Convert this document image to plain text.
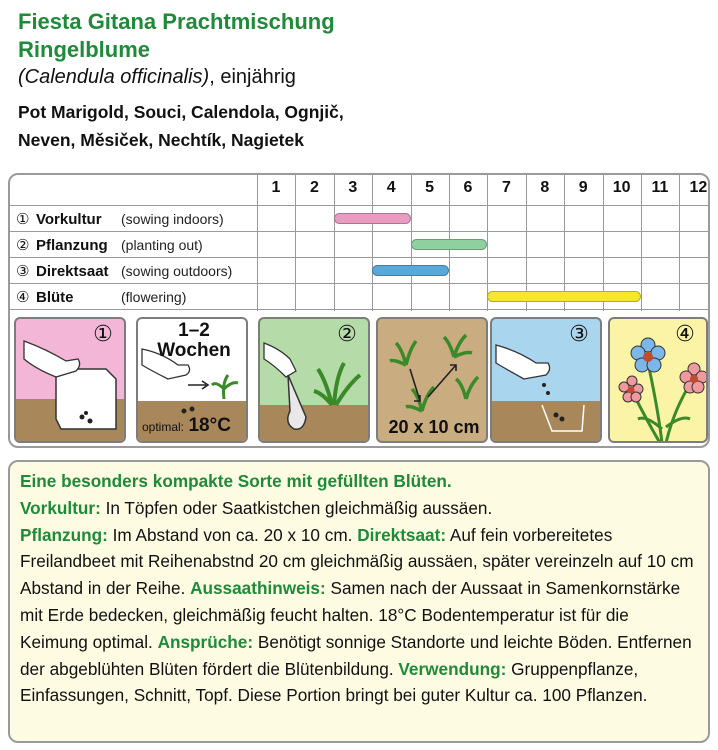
Fiesta Gitana Prachtmischung
Ringelblume
(Calendula officinalis), einjährig
Pot Marigold, Souci, Calendola, Ognjič,
Neven, Měsiček, Nechtík, Nagietek
1	2	3	4	5	6	7	8	9	10	11	12
① Vorkultur	(sowing indoors)
② Pflanzung (planting out)
③ Direktsaat (sowing outdoors)
④ Blüte	(flowering)
①	1–2
Wochen
optimal: 18°C
②
20 x 10 cm
③	④

Eine besonders kompakte Sorte mit gefüllten Blüten.

Vorkultur: In Töpfen oder Saatkistchen gleichmäßig aussäen.
Pflanzung: Im Abstand von ca. 20 x 10 cm. Direktsaat: Auf fein vorbereitetes Freilandbeet mit Reihenabstnd 20 cm gleichmäßig aussäen, später vereinzeln auf 10 cm Abstand in der Reihe. Aussaathinweis: Samen nach der Aussaat in Samenkornstärke mit Erde bedecken, gleichmäßig feucht halten. 18°C Bodentemperatur ist für die Keimung optimal. Ansprüche: Benötigt sonnige Standorte und leichte Böden. Entfernen der abgeblühten Blüten fördert die Blütenbildung. Verwendung: Gruppenpflanze, Einfassungen, Schnitt, Topf. Diese Portion bringt bei guter Kultur ca. 100 Pflanzen.
